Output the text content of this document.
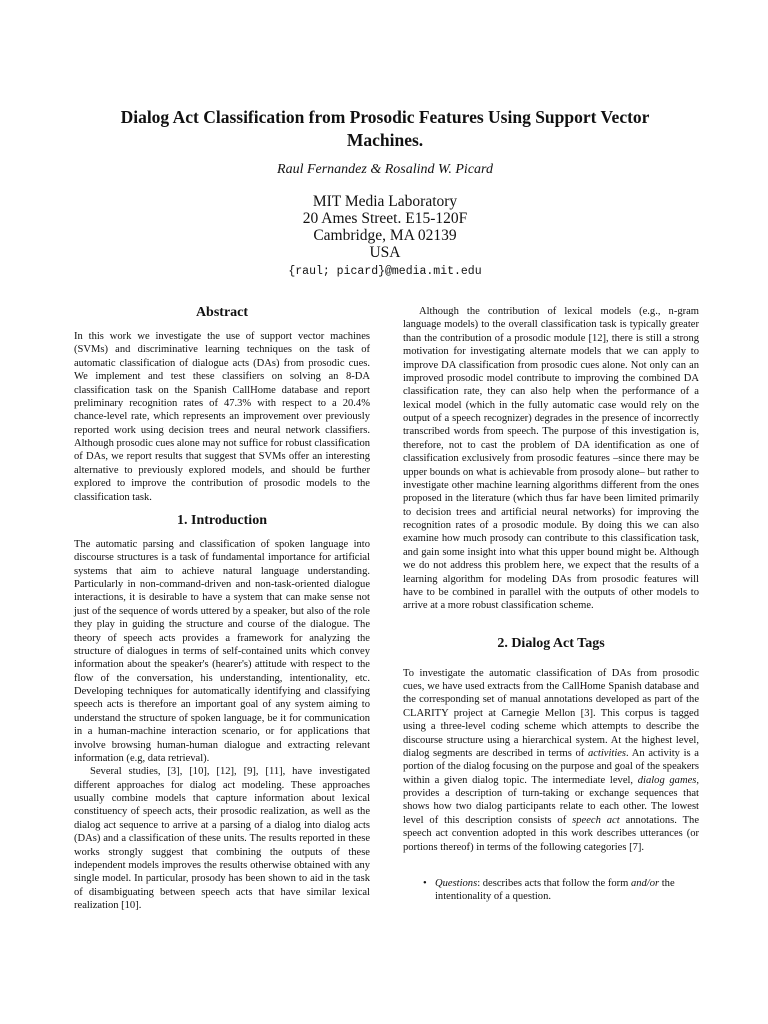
Dialog Act Classification from Prosodic Features Using Support Vector Machines.

Raul Fernandez & Rosalind W. Picard

MIT Media Laboratory
20 Ames Street. E15-120F
Cambridge, MA 02139
USA
{raul; picard}@media.mit.edu
Abstract

In this work we investigate the use of support vector machines (SVMs) and discriminative learning techniques on the task of automatic classification of dialogue acts (DAs) from prosodic cues. We implement and test these classifiers on solving an 8-DA classification task on the Spanish CallHome database and report preliminary recognition rates of 47.3% with respect to a 20.4% chance-level rate, which represents an improvement over previously reported work using decision trees and neural network classifiers. Although prosodic cues alone may not suffice for robust classification of DAs, we report results that suggest that SVMs offer an interesting alternative to previously explored models, and should be further explored to improve the contribution of prosodic models to the classification task.

1. Introduction

The automatic parsing and classification of spoken language into discourse structures is a task of fundamental importance for artificial systems that aim to achieve natural language understanding. Particularly in non-command-driven and non-task-oriented dialogue interactions, it is desirable to have a system that can make sense not just of the sequence of words uttered by a speaker, but also of the role they play in guiding the structure and course of the dialogue. The theory of speech acts provides a framework for analyzing the structure of dialogues in terms of self-contained units which convey information about the speaker's (hearer's) attitude with respect to the flow of the conversation, his understanding, intentionality, etc. Developing techniques for automatically identifying and classifying speech acts is therefore an important goal of any system aiming to understand the structure of spoken language, be it for communication in a human-machine interaction scenario, or for applications that involve browsing human-human dialogue and extracting relevant information (e.g, data retrieval).

Several studies, [3], [10], [12], [9], [11], have investigated different approaches for dialog act modeling. These approaches usually combine models that capture information about lexical constituency of speech acts, their prosodic realization, as well as the dialog act sequence to arrive at a parsing of a dialog into dialog acts (DAs) and a classification of these units. The results reported in these works strongly suggest that combining the outputs of these independent models improves the results otherwise obtained with any single model. In particular, prosody has been shown to aid in the task of disambiguating between speech acts that have similar lexical realization [10].

Although the contribution of lexical models (e.g., n-gram language models) to the overall classification task is typically greater than the contribution of a prosodic module [12], there is still a strong motivation for investigating alternate models that we can apply to improve DA classification from prosodic cues alone. Not only can an improved prosodic model contribute to improving the combined DA classification rate, they can also help when the performance of a lexical model (which in the fully automatic case would rely on the output of a speech recognizer) degrades in the presence of incorrectly transcribed words from speech. The purpose of this investigation is, therefore, not to cast the problem of DA identification as one of classification exclusively from prosodic features –since there may be upper bounds on what is achievable from prosody alone– but rather to investigate other machine learning algorithms different from the ones proposed in the literature (which thus far have been limited primarily to decision trees and artificial neural networks) for improving the recognition rates of a prosodic module. By doing this we can also examine how much prosody can contribute to this classification task, and gain some insight into what this upper bound might be. Although we do not address this problem here, we expect that the results of a learning algorithm for modeling DAs from prosodic features will have to be combined in parallel with the outputs of other models to arrive at a more robust classification scheme.

2. Dialog Act Tags

To investigate the automatic classification of DAs from prosodic cues, we have used extracts from the CallHome Spanish database and the corresponding set of manual annotations developed as part of the CLARITY project at Carnegie Mellon [3]. This corpus is tagged using a three-level coding scheme which attempts to describe the discourse structure using a hierarchical system. At the highest level, dialog segments are described in terms of activities. An activity is a portion of the dialog focusing on the purpose and goal of the speakers within a given dialog topic. The intermediate level, dialog games, provides a description of turn-taking or exchange sequences that shows how two dialog participants relate to each other. The lowest level of this description consists of speech act annotations. The speech act convention adopted in this work describes utterances (or portions thereof) in terms of the following categories [7].

• Questions: describes acts that follow the form and/or the intentionality of a question.
